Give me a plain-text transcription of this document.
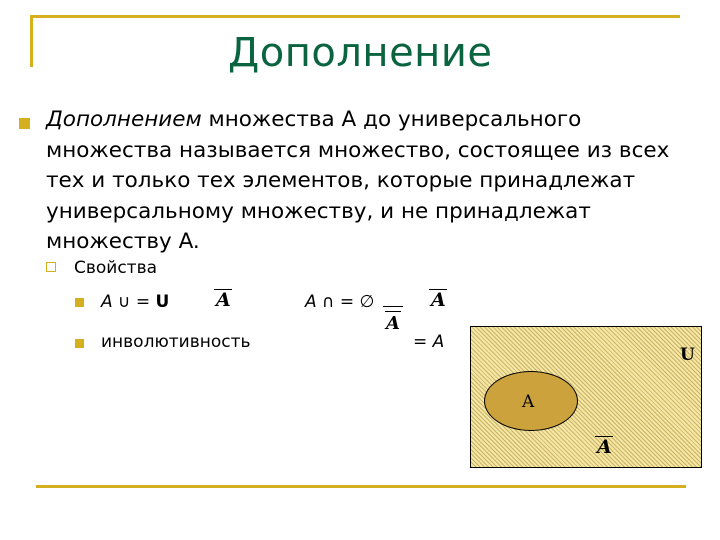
Дополнение
Дополнением множества A до универсального множества называется множество, состоящее из всех тех и только тех элементов, которые принадлежат универсальному множеству, и не принадлежат множеству A.
Свойства
A ∪ = U A	A ∩ = ∅	A
инволютивность
A
= A
U
A
A
